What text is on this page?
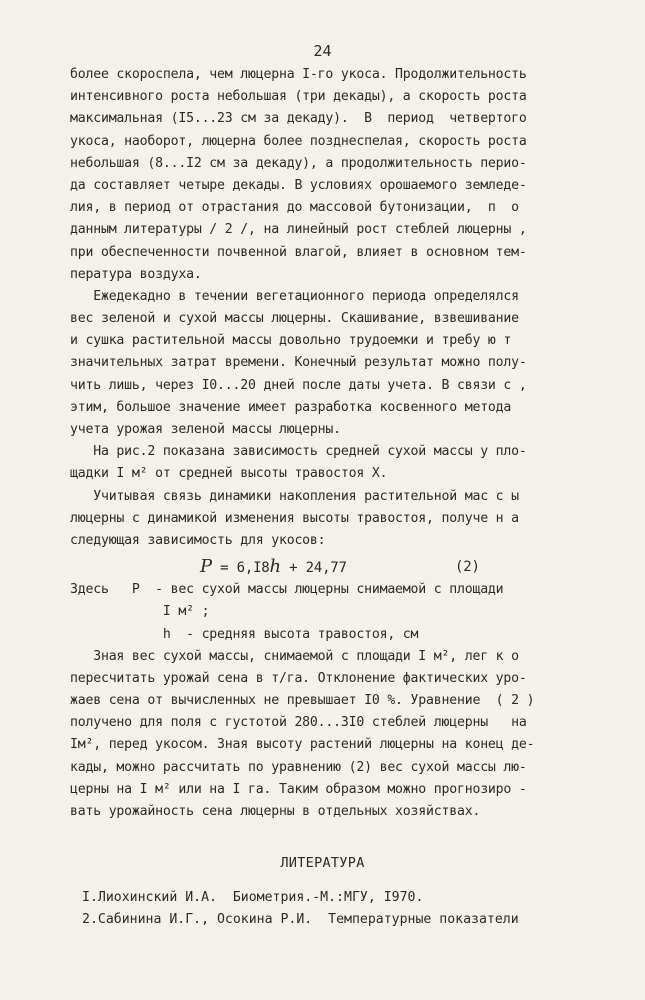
24
более скороспела, чем люцерна I-го укоса. Продолжительность
интенсивного роста небольшая (три декады), а скорость роста
максимальная (I5...23 см за декаду).  В  период  четвертого
укоса, наоборот, люцерна более позднеспелая, скорость роста
небольшая (8...I2 см за декаду), а продолжительность перио-
да составляет четыре декады. В условиях орошаемого земледе-
лия, в период от отрастания до массовой бутонизации,  п  о
данным литературы / 2 /, на линейный рост стеблей люцерны ,
при обеспеченности почвенной влагой, влияет в основном тем-
пература воздуха.
Ежедекадно в течении вегетационного периода определялся
вес зеленой и сухой массы люцерны. Скашивание, взвешивание
и сушка растительной массы довольно трудоемки и требу ю т
значительных затрат времени. Конечный результат можно полу-
чить лишь, через I0...20 дней после даты учета. В связи с ,
этим, большое значение имеет разработка косвенного метода
учета урожая зеленой массы люцерны.
На рис.2 показана зависимость средней сухой массы у пло-
щадки I м² от средней высоты травостоя Х.
Учитывая связь динамики накопления растительной мас с ы
люцерны с динамикой изменения высоты травостоя, получе н а
следующая зависимость для укосов:

P = 6,I8h + 24,77

	(2)

Здесь   P  - вес сухой массы люцерны снимаемой с площади
I м² ;
h  - средняя высота травостоя, см
Зная вес сухой массы, снимаемой с площади I м², лег к о
пересчитать урожай сена в т/га. Отклонение фактических уро-
жаев сена от вычисленных не превышает I0 %. Уравнение  ( 2 )
получено для поля с густотой 280...3I0 стеблей люцерны   на
Iм², перед укосом. Зная высоту растений люцерны на конец де-
кады, можно рассчитать по уравнению (2) вес сухой массы лю-
церны на I м² или на I га. Таким образом можно прогнозиро -
вать урожайность сена люцерны в отдельных хозяйствах.
ЛИТЕРАТУРА
I.Лиохинский И.А.  Биометрия.-М.:МГУ, I970.
2.Сабинина И.Г., Осокина Р.И.  Температурные показатели
